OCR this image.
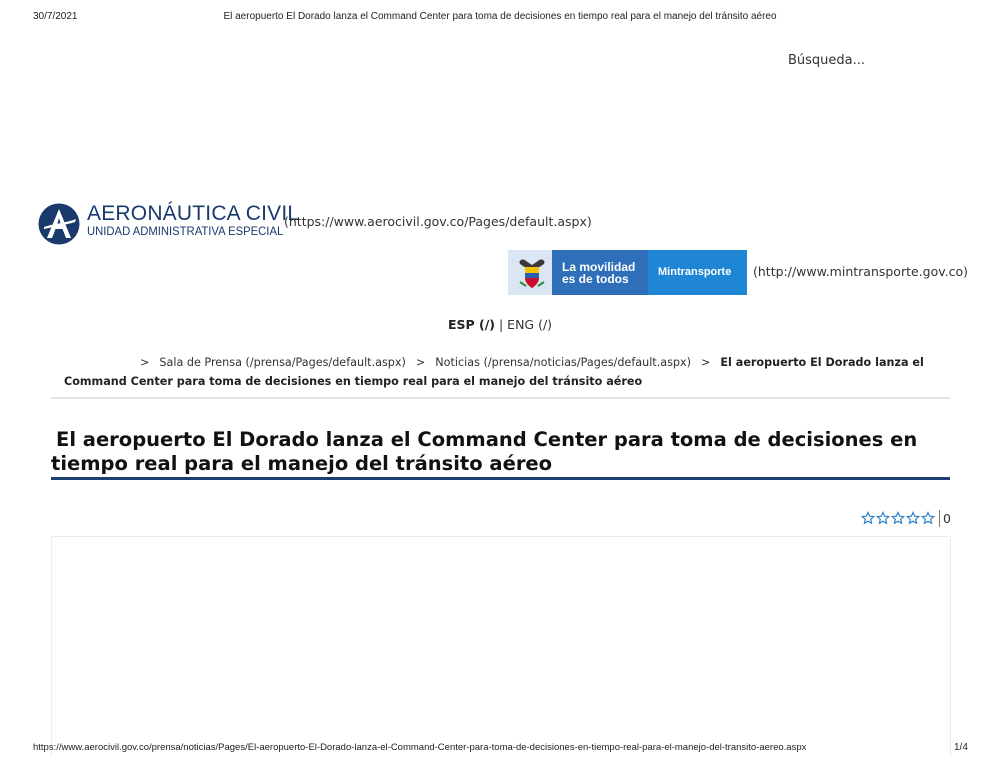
30/7/2021	El aeropuerto El Dorado lanza el Command Center para toma de decisiones en tiempo real para el manejo del tránsito aéreo
Búsqueda...
AERONÁUTICA CIVIL
UNIDAD ADMINISTRATIVA ESPECIAL
(https://www.aerocivil.gov.co/Pages/default.aspx)
La movilidad
es de todos	Mintransporte (http://www.mintransporte.gov.co)
ESP (/) | ENG (/)
> Sala de Prensa (/prensa/Pages/default.aspx) > Noticias (/prensa/noticias/Pages/default.aspx) > El aeropuerto El Dorado lanza el Command Center para toma de decisiones en tiempo real para el manejo del tránsito aéreo
El aeropuerto El Dorado lanza el Command Center para toma de decisiones en tiempo real para el manejo del tránsito aéreo
0
https://www.aerocivil.gov.co/prensa/noticias/Pages/El-aeropuerto-El-Dorado-lanza-el-Command-Center-para-toma-de-decisiones-en-tiempo-real-para-el-manejo-del-transito-aereo.aspx	1/4
